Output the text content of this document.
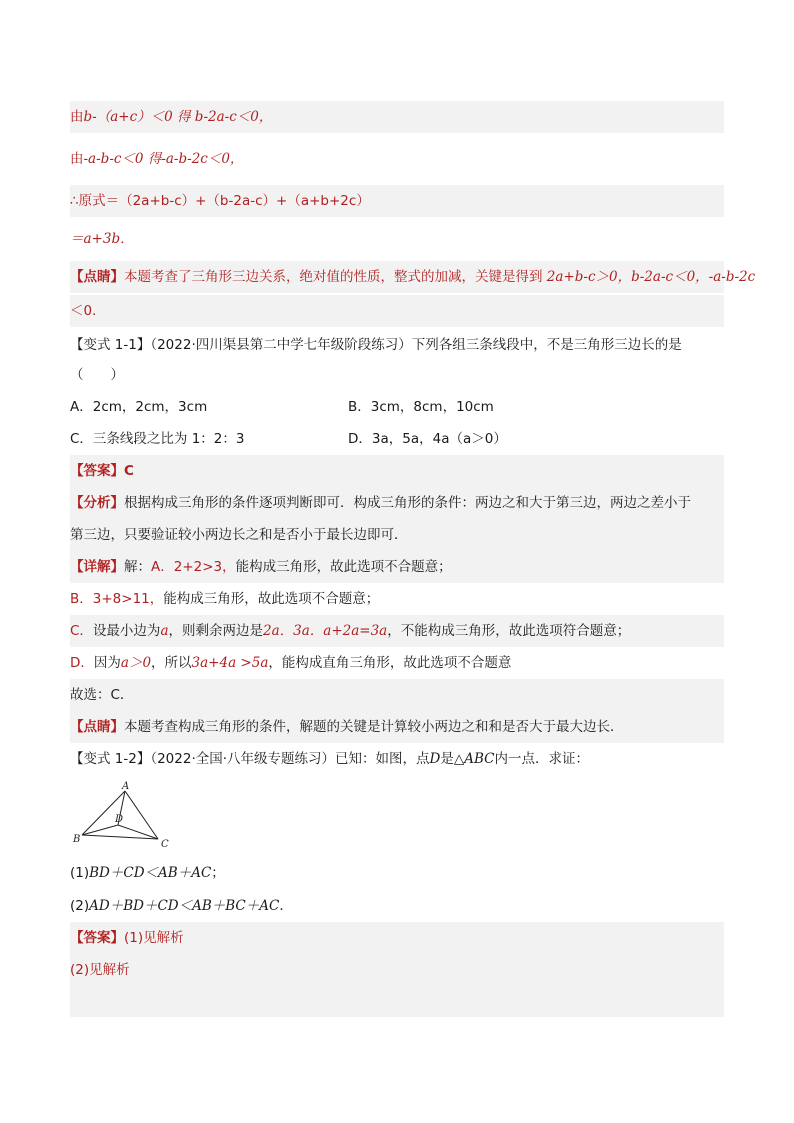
由b-（a+c）＜0 得 b-2a-c＜0，
由-a-b-c＜0 得-a-b-2c＜0，
∴原式＝（2a+b-c）+（b-2a-c）+（a+b+2c）
＝a+3b．
【点睛】本题考查了三角形三边关系，绝对值的性质，整式的加减，关键是得到 2a+b-c＞0，b-2a-c＜0，-a-b-2c
＜0．
【变式 1-1】（2022·四川渠县第二中学七年级阶段练习）下列各组三条线段中，不是三角形三边长的是
（　　）
A．2cm，2cm，3cm	B．3cm，8cm，10cm
C．三条线段之比为 1：2：3	D．3a，5a，4a（a＞0）
【答案】C
【分析】根据构成三角形的条件逐项判断即可．构成三角形的条件：两边之和大于第三边，两边之差小于
第三边，只要验证较小两边长之和是否小于最长边即可．
【详解】解：A．2+2>3，能构成三角形，故此选项不合题意；
B．3+8>11，能构成三角形，故此选项不合题意；
C．设最小边为a，则剩余两边是2a．3a．a+2a=3a，不能构成三角形，故此选项符合题意；
D．因为a＞0，所以3a+4a >5a，能构成直角三角形，故此选项不合题意
故选：C．
【点睛】本题考查构成三角形的条件，解题的关键是计算较小两边之和和是否大于最大边长．
【变式 1-2】（2022·全国·八年级专题练习）已知：如图，点D是△ABC内一点．求证：
A
B	C
D
(1)BD＋CD＜AB＋AC；
(2)AD＋BD＋CD＜AB＋BC＋AC．
【答案】(1)见解析
(2)见解析
